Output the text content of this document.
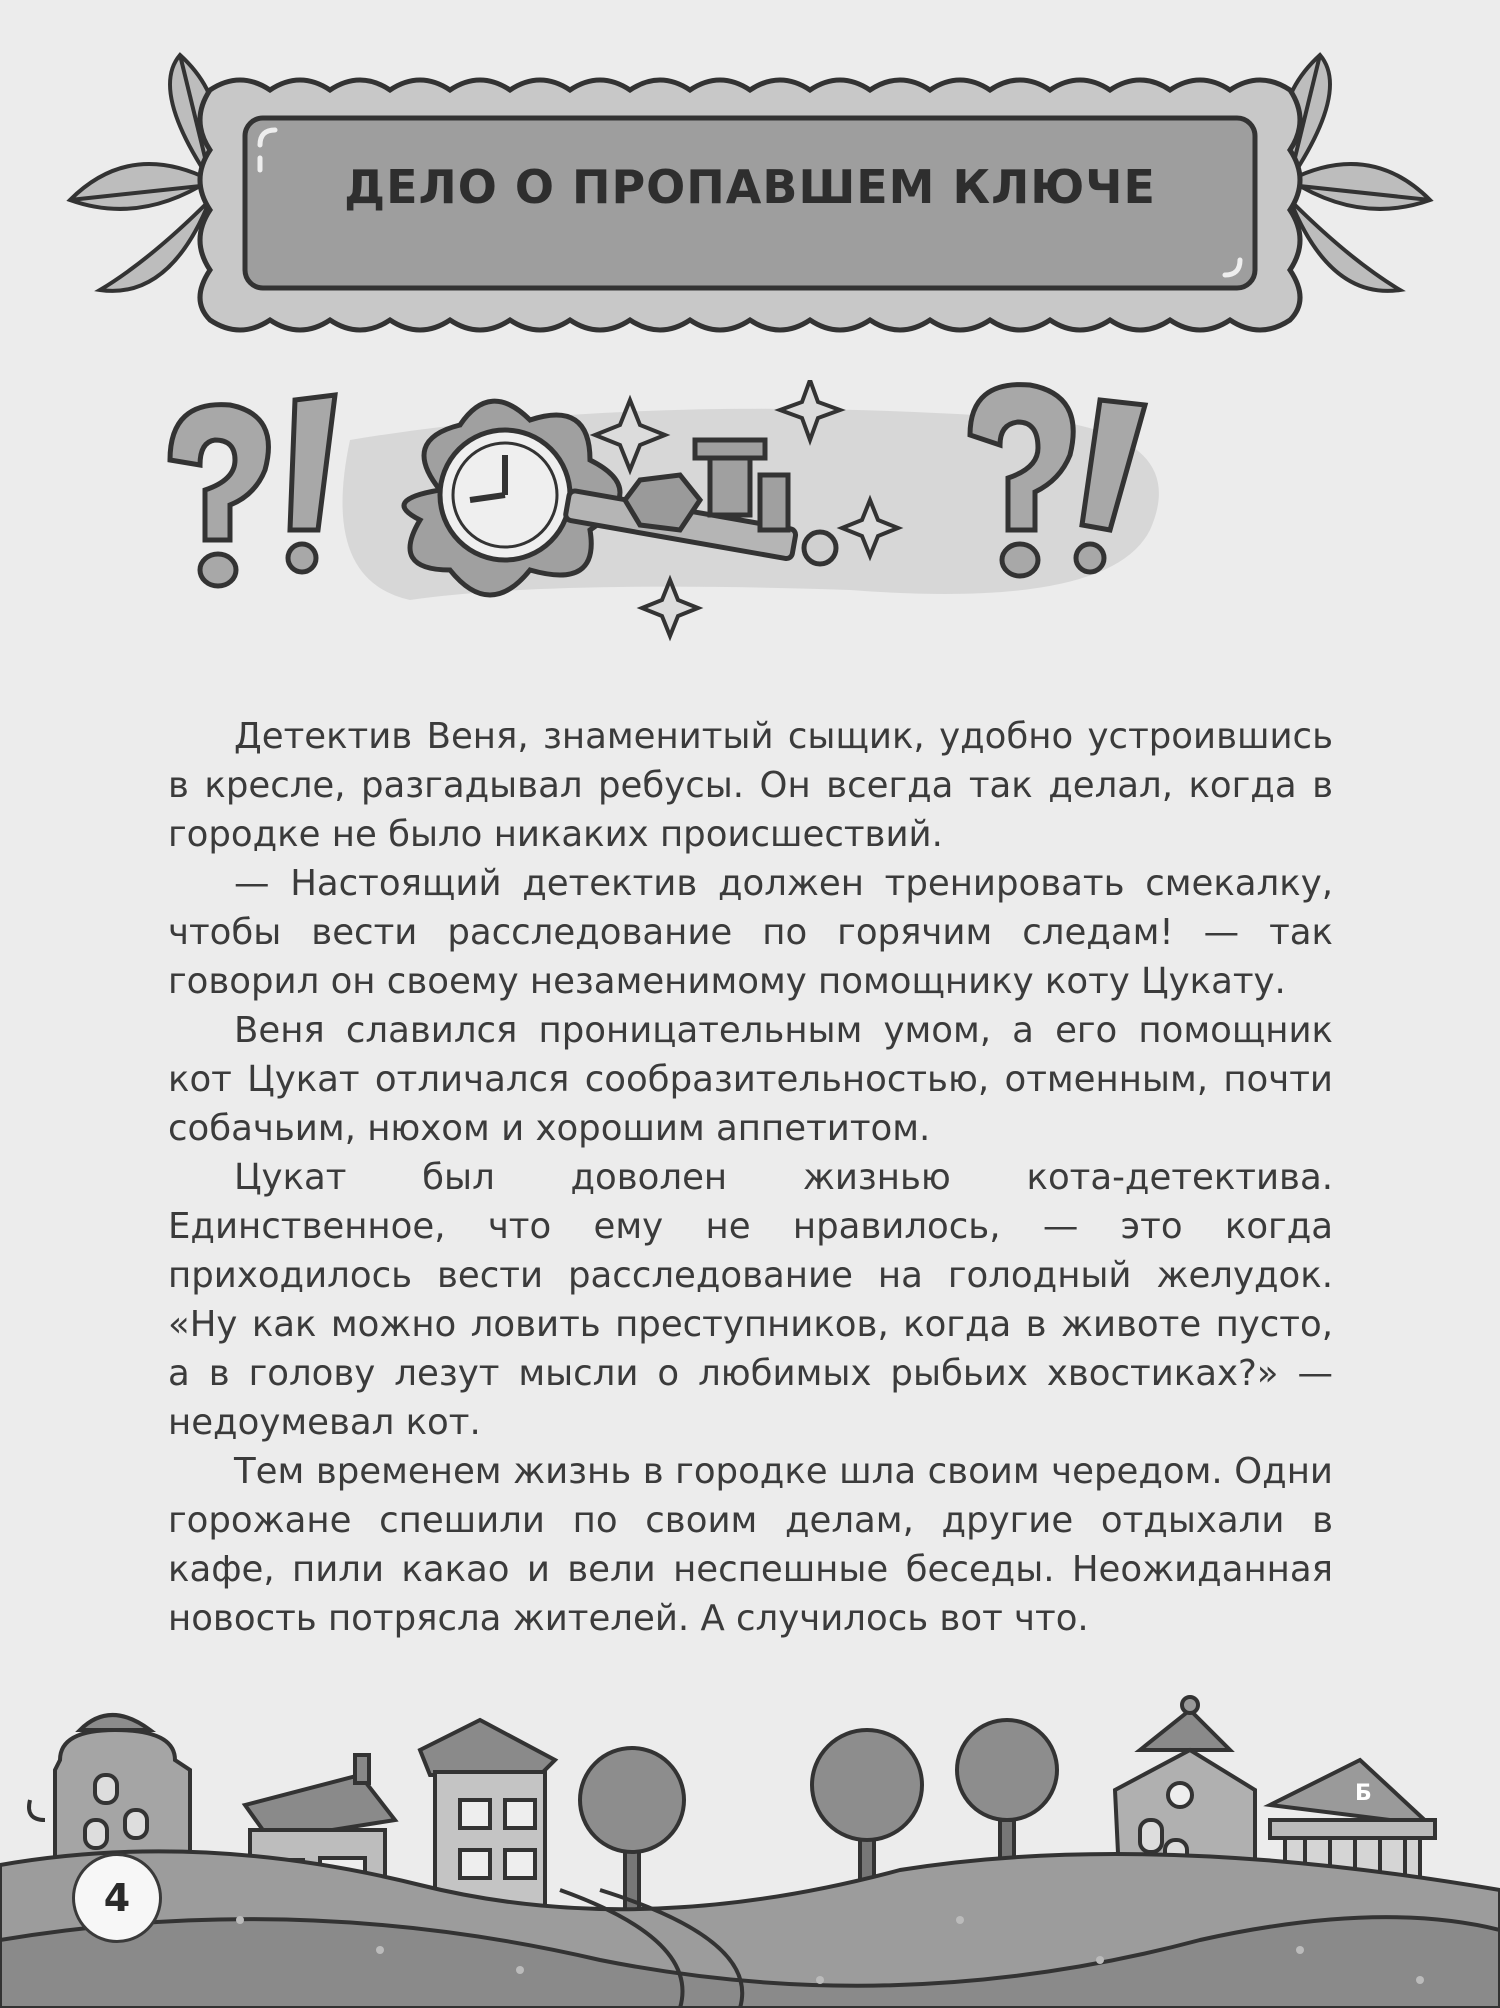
ДЕЛО О ПРОПАВШЕМ КЛЮЧЕ

Детектив Веня, знаменитый сыщик, удобно устроившись в кресле, разгадывал ребусы. Он всегда так делал, когда в городке не было никаких происшествий.

— Настоящий детектив должен тренировать смекалку, чтобы вести расследование по горячим следам! — так говорил он своему незаменимому помощнику коту Цукату.

Веня славился проницательным умом, а его помощник кот Цукат отличался сообразительностью, отменным, почти собачьим, нюхом и хорошим аппетитом.

Цукат был доволен жизнью кота-детектива. Единственное, что ему не нравилось, — это когда приходилось вести расследование на голодный желудок. «Ну как можно ловить преступников, когда в животе пусто, а в голову лезут мысли о любимых рыбьих хвостиках?» — недоумевал кот.

Тем временем жизнь в городке шла своим чередом. Одни горожане спешили по своим делам, другие отдыхали в кафе, пили какао и вели неспешные беседы. Неожиданная новость потрясла жителей. А случилось вот что.

Б
4
